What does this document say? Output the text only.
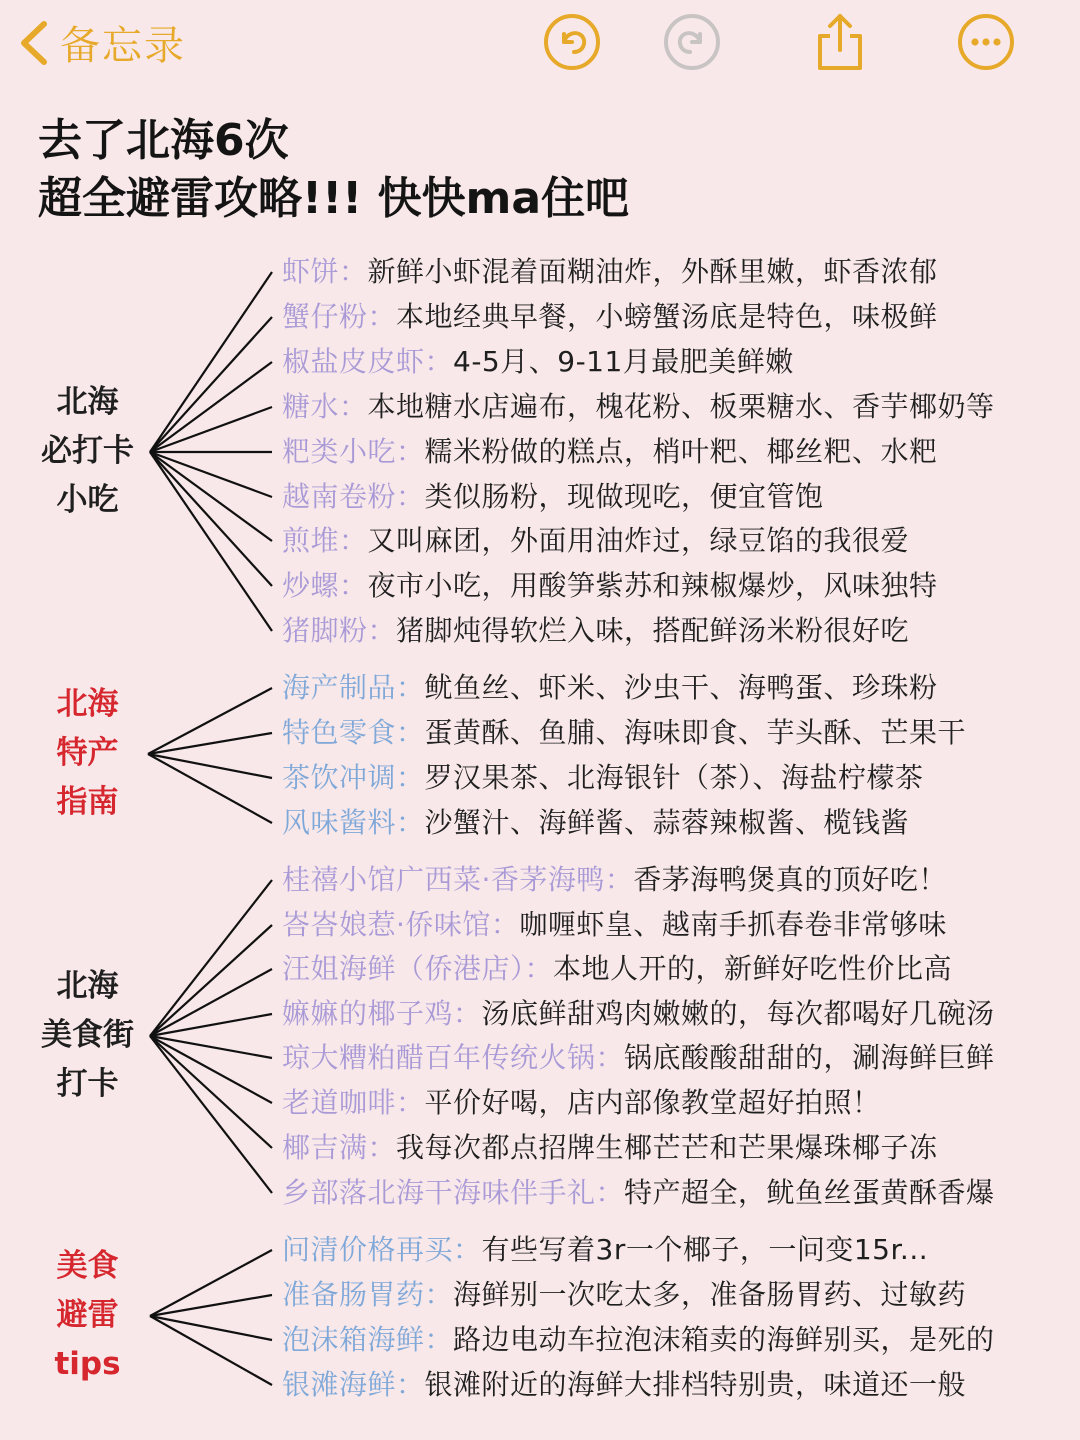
备忘录
去了北海6次
超全避雷攻略!!! 快快ma住吧
北海
必打卡
小吃
虾饼：新鲜小虾混着面糊油炸，外酥里嫩，虾香浓郁
蟹仔粉：本地经典早餐，小螃蟹汤底是特色，味极鲜
椒盐皮皮虾：4-5月、9-11月最肥美鲜嫩
糖水：本地糖水店遍布，槐花粉、板栗糖水、香芋椰奶等
粑类小吃：糯米粉做的糕点，梢叶粑、椰丝粑、水粑
越南卷粉：类似肠粉，现做现吃，便宜管饱
煎堆：又叫麻团，外面用油炸过，绿豆馅的我很爱
炒螺：夜市小吃，用酸笋紫苏和辣椒爆炒，风味独特
猪脚粉：猪脚炖得软烂入味，搭配鲜汤米粉很好吃
北海
特产
指南
海产制品：鱿鱼丝、虾米、沙虫干、海鸭蛋、珍珠粉
特色零食：蛋黄酥、鱼脯、海味即食、芋头酥、芒果干
茶饮冲调：罗汉果茶、北海银针（茶）、海盐柠檬茶
风味酱料：沙蟹汁、海鲜酱、蒜蓉辣椒酱、榄钱酱
北海
美食街
打卡
桂禧小馆广西菜·香茅海鸭：香茅海鸭煲真的顶好吃！
峇峇娘惹·侨味馆：咖喱虾皇、越南手抓春卷非常够味
汪姐海鲜（侨港店）：本地人开的，新鲜好吃性价比高
嫲嫲的椰子鸡：汤底鲜甜鸡肉嫩嫩的，每次都喝好几碗汤
琼大糟粕醋百年传统火锅：锅底酸酸甜甜的，涮海鲜巨鲜
老道咖啡：平价好喝，店内部像教堂超好拍照！
椰吉满：我每次都点招牌生椰芒芒和芒果爆珠椰子冻
乡部落北海干海味伴手礼：特产超全，鱿鱼丝蛋黄酥香爆
美食
避雷
tips
问清价格再买：有些写着3r一个椰子，一问变15r...
准备肠胃药：海鲜别一次吃太多，准备肠胃药、过敏药
泡沫箱海鲜：路边电动车拉泡沫箱卖的海鲜别买，是死的
银滩海鲜：银滩附近的海鲜大排档特别贵，味道还一般
